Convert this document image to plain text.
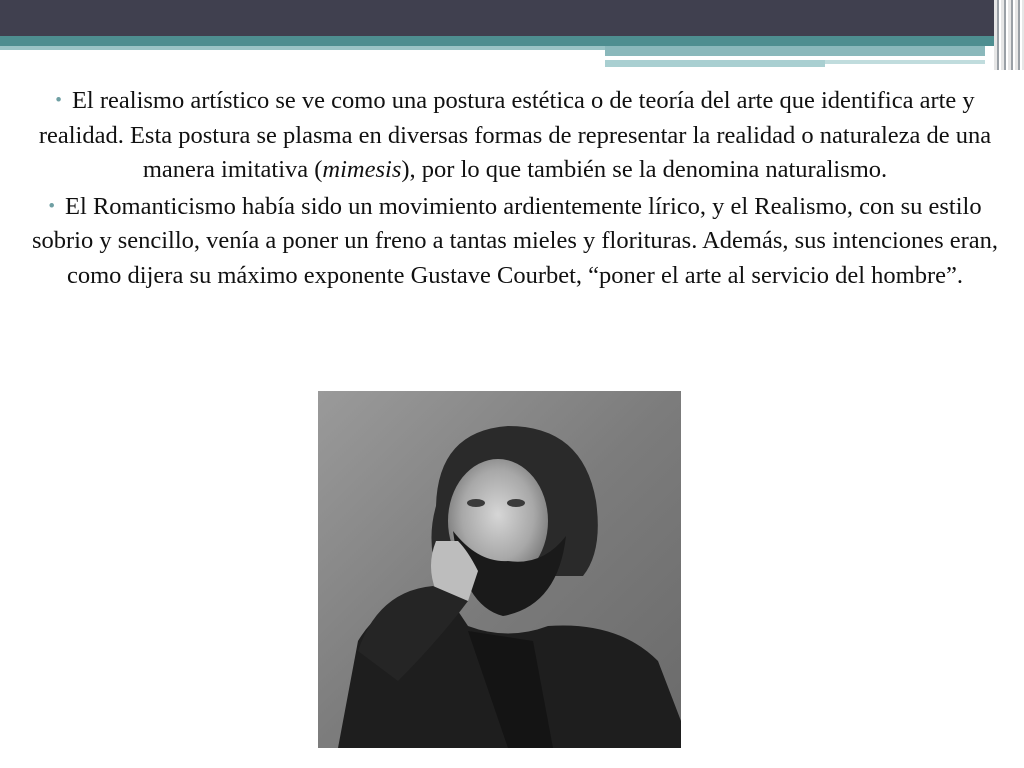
• El realismo artístico se ve como una postura estética o de teoría del arte que identifica arte y realidad. Esta postura se plasma en diversas formas de representar la realidad o naturaleza de una manera imitativa (mimesis), por lo que también se la denomina naturalismo.

• El Romanticismo había sido un movimiento ardientemente lírico, y el Realismo, con su estilo sobrio y sencillo, venía a poner un freno a tantas mieles y florituras. Además, sus intenciones eran, como dijera su máximo exponente Gustave Courbet, “poner el arte al servicio del hombre”.
